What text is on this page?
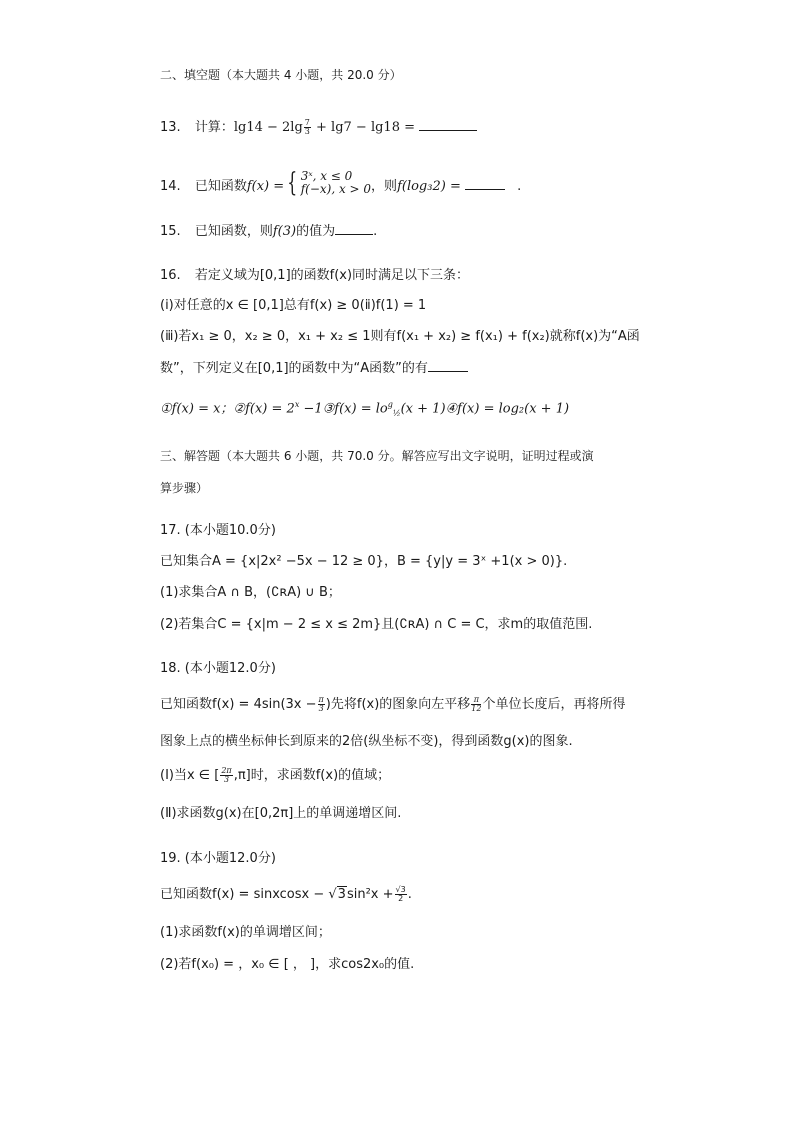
二、填空题（本大题共 4 小题，共 20.0 分）
13. 计算：$\lg 14 - 2\lg \frac{7}{3} + \lg 7 - \lg 18$ =
14. 已知函数f(x) = { 3ˣ, x ≤ 0
f(−x), x > 0 ，则f(log₃2) =	.
15. 已知函数，则f(3)的值为	.
16. 若定义域为[0,1]的函数f(x)同时满足以下三条：
(ⅰ)对任意的x ∈ [0,1]总有f(x) ≥ 0(ⅱ)f(1) = 1
(ⅲ)若x₁ ≥ 0，x₂ ≥ 0，x₁ + x₂ ≤ 1则有f(x₁ + x₂) ≥ f(x₁) + f(x₂)就称f(x)为“A函
数”，下列定义在[0,1]的函数中为“A函数”的有
①f(x) = x；②f(x) = $2^x$ −1③f(x) = $lo^g_{\frac{1}{2}}(x$ + 1)④f(x) = log₂(x + 1)
三、解答题（本大题共 6 小题，共 70.0 分。解答应写出文字说明，证明过程或演
算步骤）
17. (本小题10.0分)
已知集合A = {x|2x² −5x − 12 ≥ 0}，B = {y|y = 3ˣ +1(x > 0)}.
(1)求集合A ∩ B，(∁ʀA) ∪ B；
(2)若集合C = {x|m − 2 ≤ x ≤ 2m}且(∁ʀA) ∩ C = C，求m的取值范围.
18. (本小题12.0分)
已知函数$f(x) = 4\sin(3x - \frac{\pi}{3}$ )先将f(x)的图象向左平移 $\frac{\pi}{12}$ 个单位长度后，再将所得
图象上点的横坐标伸长到原来的2倍(纵坐标不变)，得到函数g(x)的图象.
(Ⅰ)当x ∈ [ $\frac{2\pi}{3} ,\pi$]时，求函数f(x)的值域；
(Ⅱ)求函数g(x)在[0,2π]上的单调递增区间.
19. (本小题12.0分)
已知函数f(x) = sinxcosx − $√3\sin^2x + \frac{√3}{2}$ .
(1)求函数f(x)的单调增区间；
(2)若f(x₀) = ，x₀ ∈ [ ， ]，求cos2x₀的值.
